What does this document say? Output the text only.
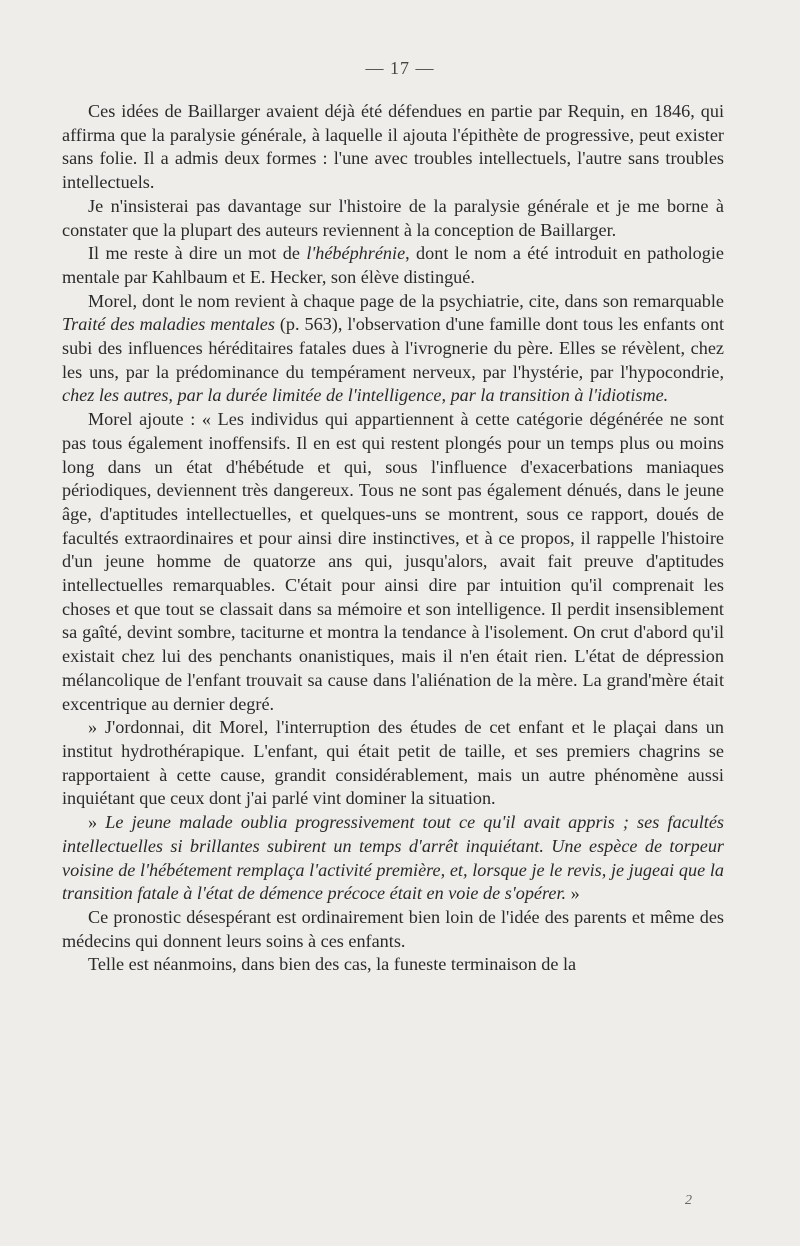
— 17 —

Ces idées de Baillarger avaient déjà été défendues en partie par Requin, en 1846, qui affirma que la paralysie générale, à laquelle il ajouta l'épithète de progressive, peut exister sans folie. Il a admis deux formes : l'une avec troubles intellectuels, l'autre sans troubles intellectuels.

Je n'insisterai pas davantage sur l'histoire de la paralysie générale et je me borne à constater que la plupart des auteurs reviennent à la conception de Baillarger.

Il me reste à dire un mot de l'hébéphrénie, dont le nom a été introduit en pathologie mentale par Kahlbaum et E. Hecker, son élève distingué.

Morel, dont le nom revient à chaque page de la psychiatrie, cite, dans son remarquable Traité des maladies mentales (p. 563), l'observation d'une famille dont tous les enfants ont subi des influences héréditaires fatales dues à l'ivrognerie du père. Elles se révèlent, chez les uns, par la prédominance du tempérament nerveux, par l'hystérie, par l'hypocondrie, chez les autres, par la durée limitée de l'intelligence, par la transition à l'idiotisme.

Morel ajoute : « Les individus qui appartiennent à cette catégorie dégénérée ne sont pas tous également inoffensifs. Il en est qui restent plongés pour un temps plus ou moins long dans un état d'hébétude et qui, sous l'influence d'exacerbations maniaques périodiques, deviennent très dangereux. Tous ne sont pas également dénués, dans le jeune âge, d'aptitudes intellectuelles, et quelques-uns se montrent, sous ce rapport, doués de facultés extraordinaires et pour ainsi dire instinctives, et à ce propos, il rappelle l'histoire d'un jeune homme de quatorze ans qui, jusqu'alors, avait fait preuve d'aptitudes intellectuelles remarquables. C'était pour ainsi dire par intuition qu'il comprenait les choses et que tout se classait dans sa mémoire et son intelligence. Il perdit insensiblement sa gaîté, devint sombre, taciturne et montra la tendance à l'isolement. On crut d'abord qu'il existait chez lui des penchants onanistiques, mais il n'en était rien. L'état de dépression mélancolique de l'enfant trouvait sa cause dans l'aliénation de la mère. La grand'mère était excentrique au dernier degré.

» J'ordonnai, dit Morel, l'interruption des études de cet enfant et le plaçai dans un institut hydrothérapique. L'enfant, qui était petit de taille, et ses premiers chagrins se rapportaient à cette cause, grandit considérablement, mais un autre phénomène aussi inquiétant que ceux dont j'ai parlé vint dominer la situation.

» Le jeune malade oublia progressivement tout ce qu'il avait appris ; ses facultés intellectuelles si brillantes subirent un temps d'arrêt inquiétant. Une espèce de torpeur voisine de l'hébétement remplaça l'activité première, et, lorsque je le revis, je jugeai que la transition fatale à l'état de démence précoce était en voie de s'opérer. »

Ce pronostic désespérant est ordinairement bien loin de l'idée des parents et même des médecins qui donnent leurs soins à ces enfants.

Telle est néanmoins, dans bien des cas, la funeste terminaison de la

2
